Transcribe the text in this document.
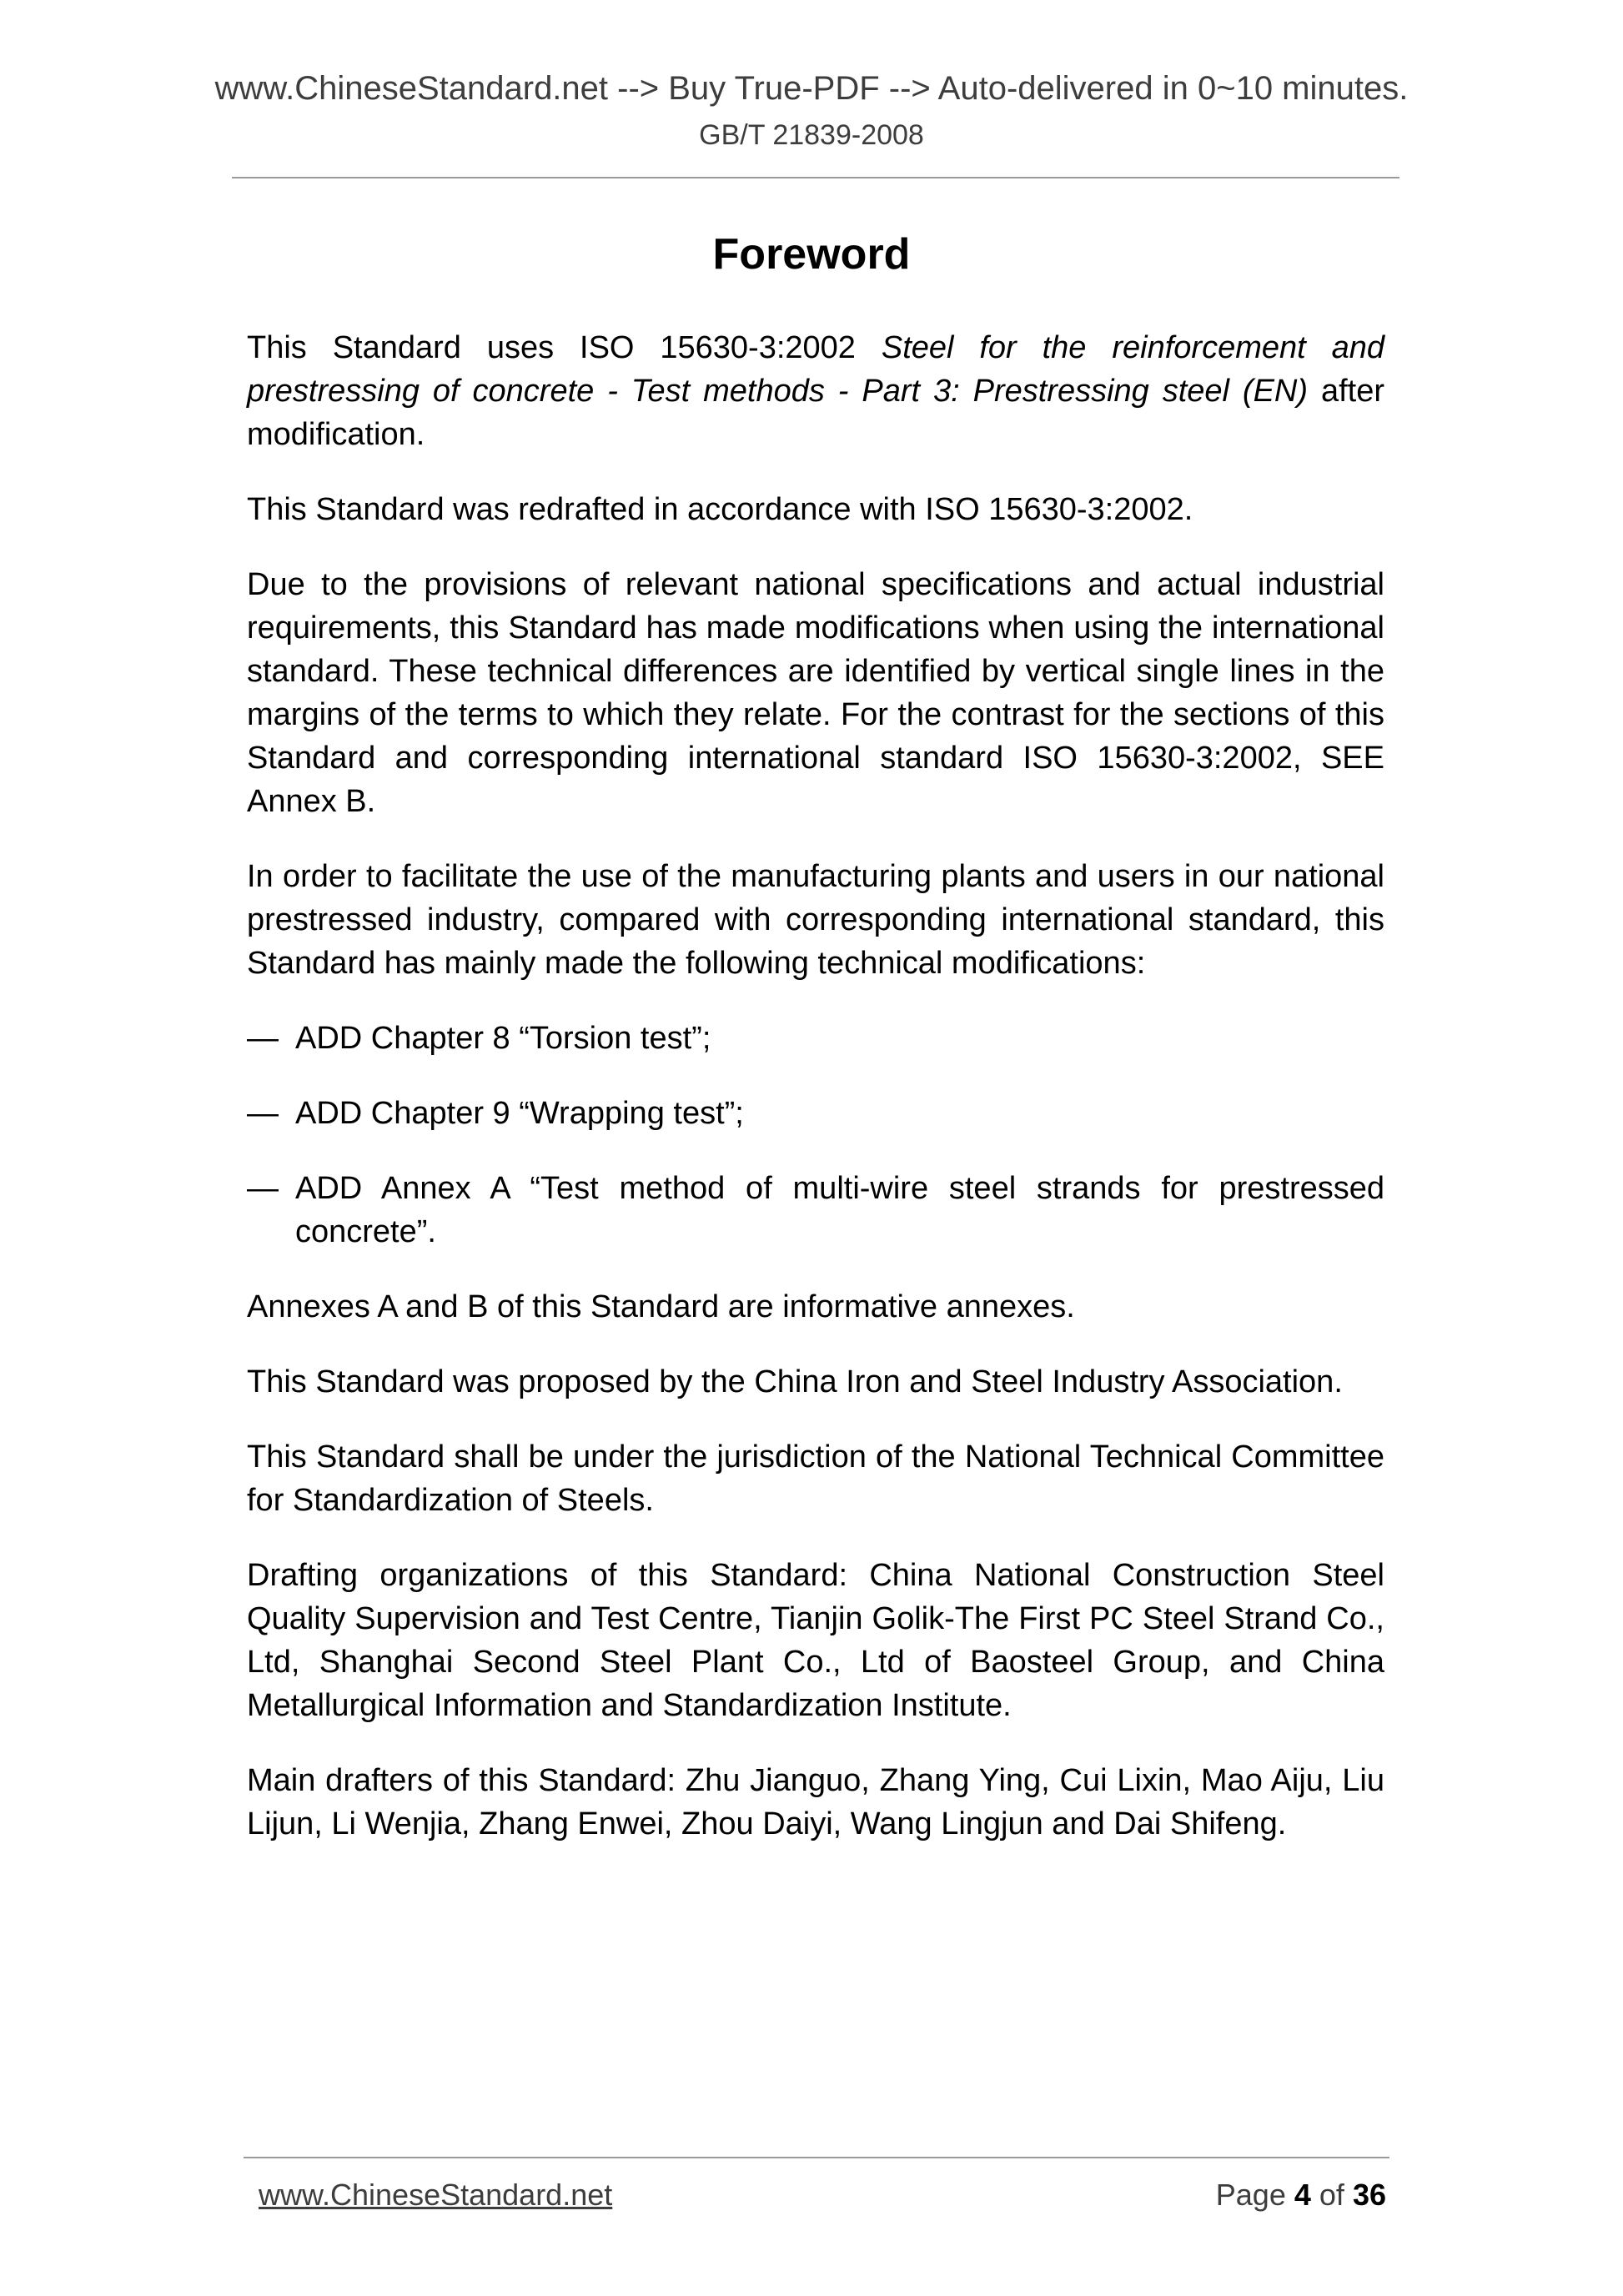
www.ChineseStandard.net --> Buy True-PDF --> Auto-delivered in 0~10 minutes.
GB/T 21839-2008
Foreword

This Standard uses ISO 15630-3:2002 Steel for the reinforcement and prestressing of concrete - Test methods - Part 3: Prestressing steel (EN) after modification.

This Standard was redrafted in accordance with ISO 15630-3:2002.

Due to the provisions of relevant national specifications and actual industrial requirements, this Standard has made modifications when using the international standard. These technical differences are identified by vertical single lines in the margins of the terms to which they relate. For the contrast for the sections of this Standard and corresponding international standard ISO 15630-3:2002, SEE Annex B.

In order to facilitate the use of the manufacturing plants and users in our national prestressed industry, compared with corresponding international standard, this Standard has mainly made the following technical modifications:

— ADD Chapter 8 “Torsion test”;
— ADD Chapter 9 “Wrapping test”;
— ADD Annex A “Test method of multi-wire steel strands for prestressed concrete”.

Annexes A and B of this Standard are informative annexes.

This Standard was proposed by the China Iron and Steel Industry Association.

This Standard shall be under the jurisdiction of the National Technical Committee for Standardization of Steels.

Drafting organizations of this Standard: China National Construction Steel Quality Supervision and Test Centre, Tianjin Golik-The First PC Steel Strand Co., Ltd, Shanghai Second Steel Plant Co., Ltd of Baosteel Group, and China Metallurgical Information and Standardization Institute.

Main drafters of this Standard: Zhu Jianguo, Zhang Ying, Cui Lixin, Mao Aiju, Liu Lijun, Li Wenjia, Zhang Enwei, Zhou Daiyi, Wang Lingjun and Dai Shifeng.

www.ChineseStandard.net	Page 4 of 36
